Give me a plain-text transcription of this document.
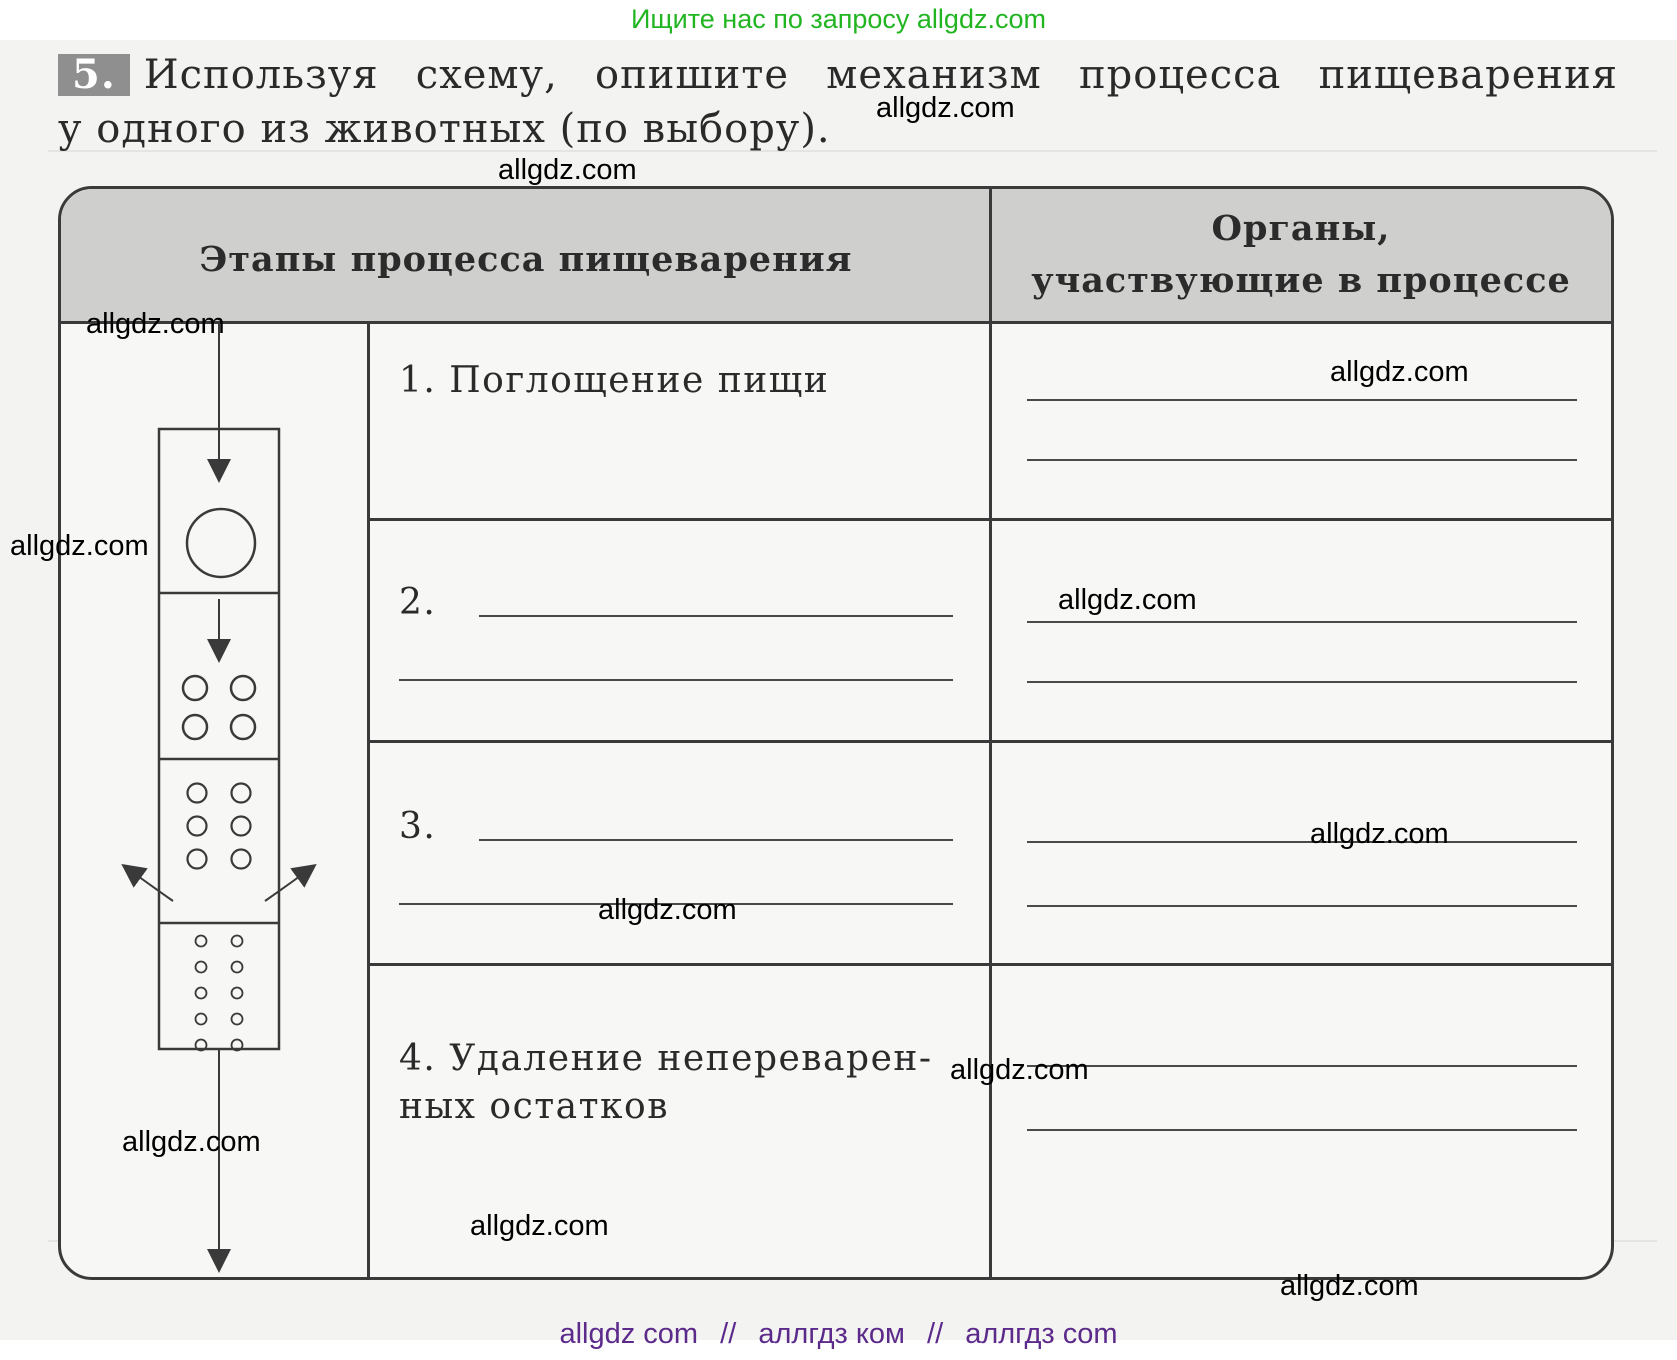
Ищите нас по запросу allgdz.com
5. Используя схему, опишите механизм процесса пищеварения
у одного из животных (по выбору).
Этапы процесса пищеварения
Органы,
участвующие в процессе
1. Поглощение пищи
2.
3.
4. Удаление непереварен-
ных остатков
allgdz.com
allgdz.com
allgdz.com
allgdz.com
allgdz.com
allgdz.com
allgdz.com
allgdz.com
allgdz.com
allgdz.com
allgdz.com
allgdz.com
allgdz com // аллгдз ком // аллгдз com
